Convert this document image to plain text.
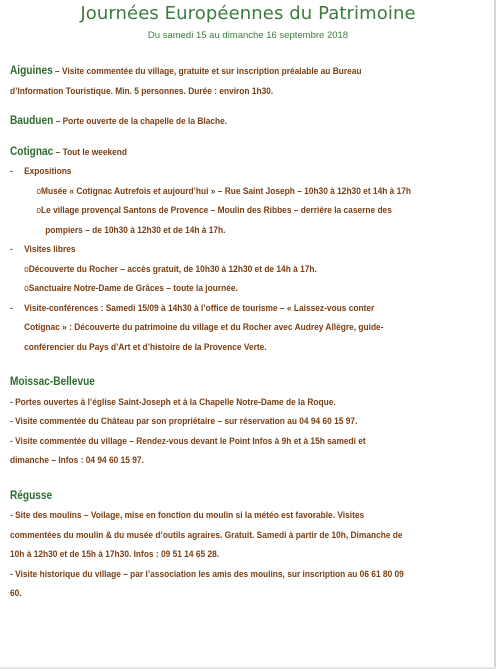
Journées Européennes du Patrimoine
Du samedi 15 au dimanche 16 septembre 2018
Aiguines – Visite commentée du village, gratuite et sur inscription préalable au Bureau
d’Information Touristique. Min. 5 personnes. Durée : environ 1h30.
Bauduen – Porte ouverte de la chapelle de la Blache.
Cotignac – Tout le weekend
- Expositions
oMusée « Cotignac Autrefois et aujourd’hui » – Rue Saint Joseph – 10h30 à 12h30 et 14h à 17h
oLe village provençal Santons de Provence – Moulin des Ribbes – derrière la caserne des
pompiers – de 10h30 à 12h30 et de 14h à 17h.
- Visites libres
oDécouverte du Rocher – accès gratuit, de 10h30 à 12h30 et de 14h à 17h.
oSanctuaire Notre-Dame de Grâces – toute la journée.
- Visite-conférences : Samedi 15/09 à 14h30 à l’office de tourisme – « Laissez-vous conter
Cotignac » : Découverte du patrimoine du village et du Rocher avec Audrey Allègre, guide-
conférencier du Pays d’Art et d’histoire de la Provence Verte.
Moissac-Bellevue
- Portes ouvertes à l’église Saint-Joseph et à la Chapelle Notre-Dame de la Roque.
- Visite commentée du Château par son propriétaire – sur réservation au 04 94 60 15 97.
- Visite commentée du village – Rendez-vous devant le Point Infos à 9h et à 15h samedi et
dimanche – Infos : 04 94 60 15 97.
Régusse
- Site des moulins – Voilage, mise en fonction du moulin si la météo est favorable. Visites
commentées du moulin & du musée d’outils agraires. Gratuit. Samedi à partir de 10h, Dimanche de
10h à 12h30 et de 15h à 17h30. Infos : 09 51 14 65 28.
- Visite historique du village – par l’association les amis des moulins, sur inscription au 06 61 80 09
60.
